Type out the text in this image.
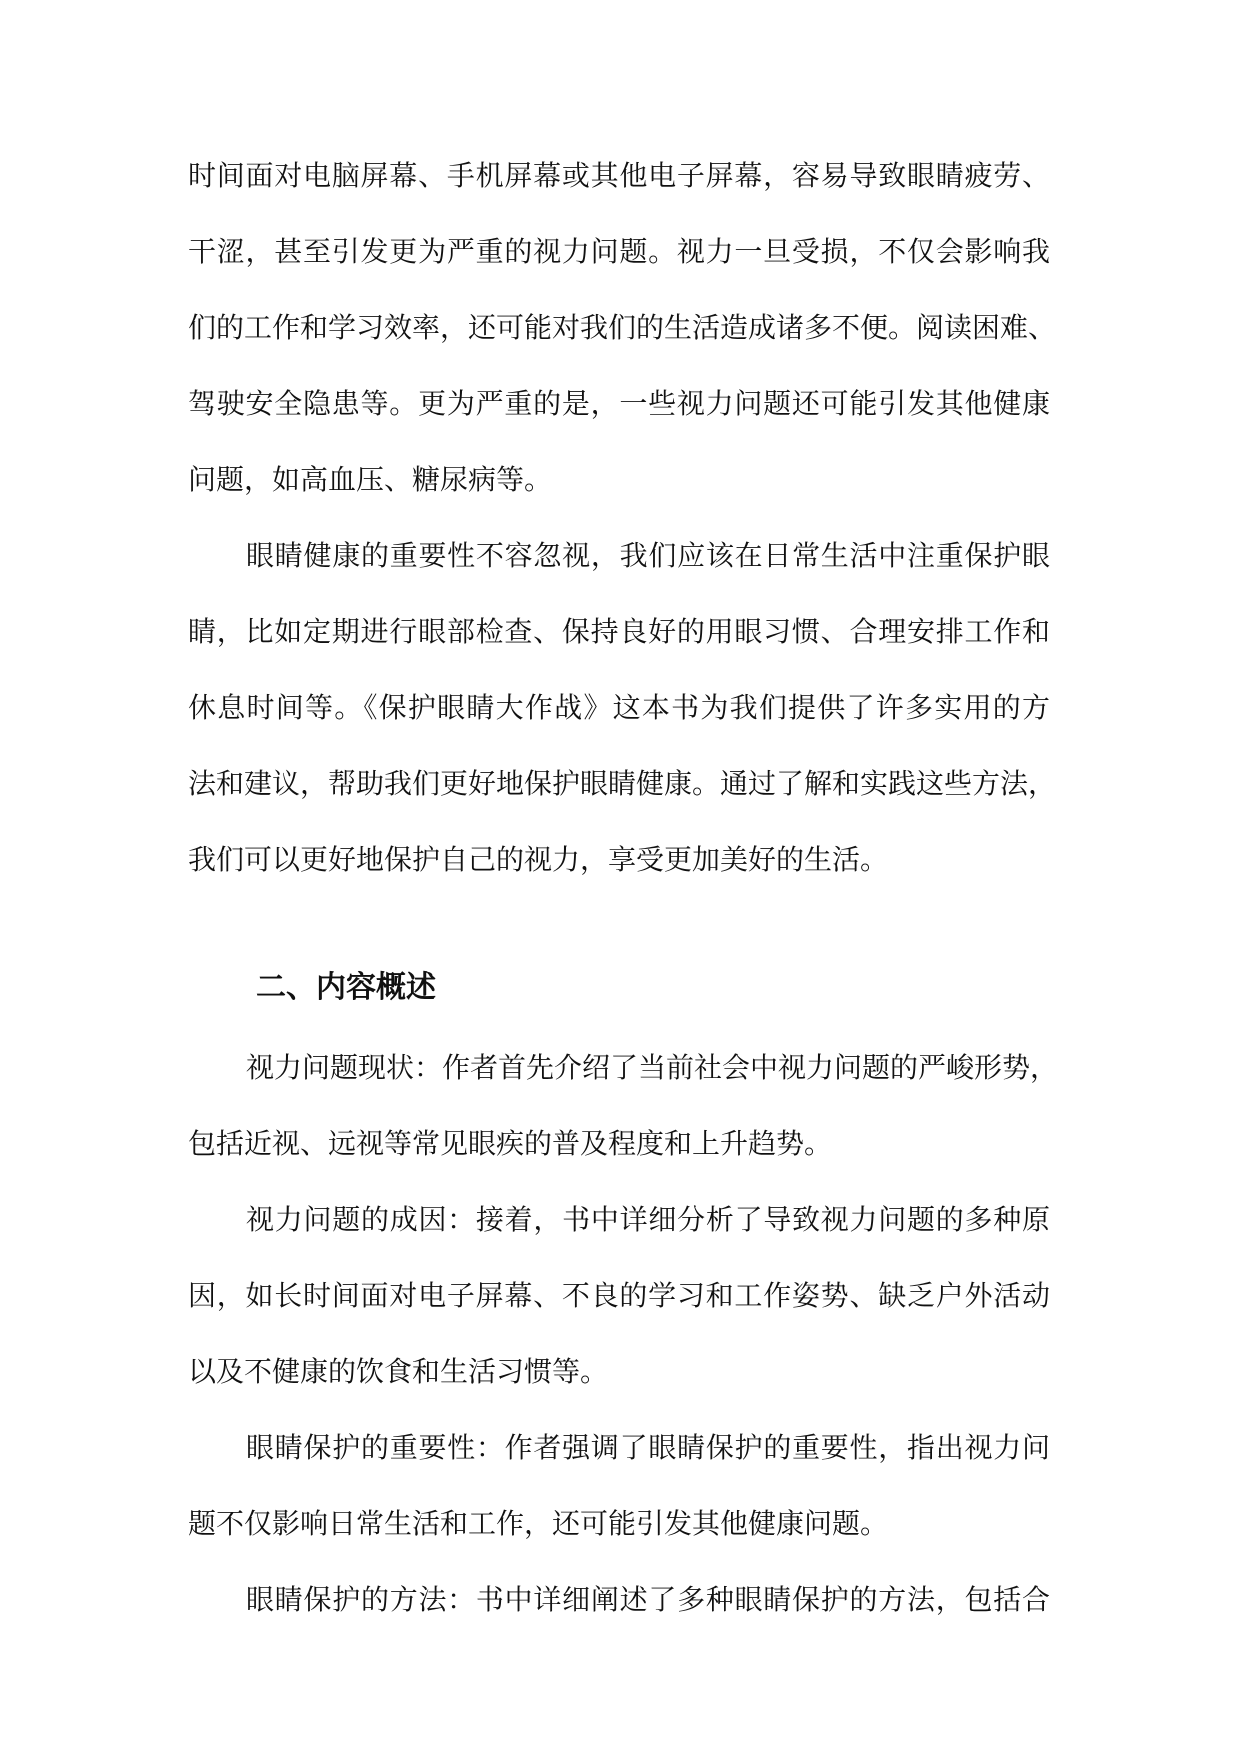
时间面对电脑屏幕、手机屏幕或其他电子屏幕，容易导致眼睛疲劳、
干涩，甚至引发更为严重的视力问题。视力一旦受损，不仅会影响我
们的工作和学习效率，还可能对我们的生活造成诸多不便。阅读困难、
驾驶安全隐患等。更为严重的是，一些视力问题还可能引发其他健康
问题，如高血压、糖尿病等。

眼睛健康的重要性不容忽视，我们应该在日常生活中注重保护眼
睛，比如定期进行眼部检查、保持良好的用眼习惯、合理安排工作和
休息时间等。《保护眼睛大作战》这本书为我们提供了许多实用的方
法和建议，帮助我们更好地保护眼睛健康。通过了解和实践这些方法，
我们可以更好地保护自己的视力，享受更加美好的生活。

二、内容概述

视力问题现状：作者首先介绍了当前社会中视力问题的严峻形势，
包括近视、远视等常见眼疾的普及程度和上升趋势。

视力问题的成因：接着，书中详细分析了导致视力问题的多种原
因，如长时间面对电子屏幕、不良的学习和工作姿势、缺乏户外活动
以及不健康的饮食和生活习惯等。

眼睛保护的重要性：作者强调了眼睛保护的重要性，指出视力问
题不仅影响日常生活和工作，还可能引发其他健康问题。

眼睛保护的方法：书中详细阐述了多种眼睛保护的方法，包括合
